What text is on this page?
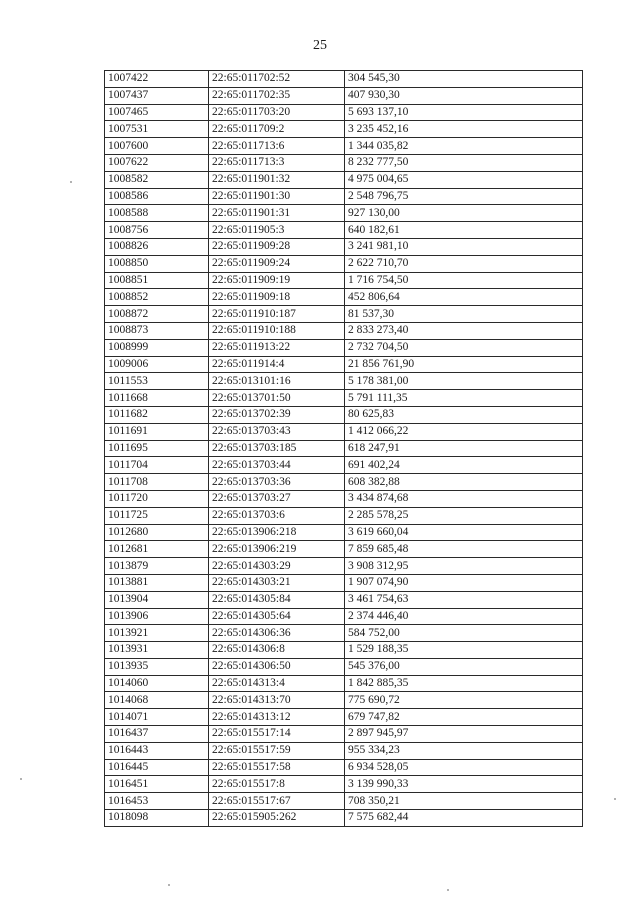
25
1007422	22:65:011702:52	304 545,30
1007437	22:65:011702:35	407 930,30
1007465	22:65:011703:20	5 693 137,10
1007531	22:65:011709:2	3 235 452,16
1007600	22:65:011713:6	1 344 035,82
1007622	22:65:011713:3	8 232 777,50
1008582	22:65:011901:32	4 975 004,65
1008586	22:65:011901:30	2 548 796,75
1008588	22:65:011901:31	927 130,00
1008756	22:65:011905:3	640 182,61
1008826	22:65:011909:28	3 241 981,10
1008850	22:65:011909:24	2 622 710,70
1008851	22:65:011909:19	1 716 754,50
1008852	22:65:011909:18	452 806,64
1008872	22:65:011910:187	81 537,30
1008873	22:65:011910:188	2 833 273,40
1008999	22:65:011913:22	2 732 704,50
1009006	22:65:011914:4	21 856 761,90
1011553	22:65:013101:16	5 178 381,00
1011668	22:65:013701:50	5 791 111,35
1011682	22:65:013702:39	80 625,83
1011691	22:65:013703:43	1 412 066,22
1011695	22:65:013703:185	618 247,91
1011704	22:65:013703:44	691 402,24
1011708	22:65:013703:36	608 382,88
1011720	22:65:013703:27	3 434 874,68
1011725	22:65:013703:6	2 285 578,25
1012680	22:65:013906:218	3 619 660,04
1012681	22:65:013906:219	7 859 685,48
1013879	22:65:014303:29	3 908 312,95
1013881	22:65:014303:21	1 907 074,90
1013904	22:65:014305:84	3 461 754,63
1013906	22:65:014305:64	2 374 446,40
1013921	22:65:014306:36	584 752,00
1013931	22:65:014306:8	1 529 188,35
1013935	22:65:014306:50	545 376,00
1014060	22:65:014313:4	1 842 885,35
1014068	22:65:014313:70	775 690,72
1014071	22:65:014313:12	679 747,82
1016437	22:65:015517:14	2 897 945,97
1016443	22:65:015517:59	955 334,23
1016445	22:65:015517:58	6 934 528,05
1016451	22:65:015517:8	3 139 990,33
1016453	22:65:015517:67	708 350,21
1018098	22:65:015905:262	7 575 682,44
